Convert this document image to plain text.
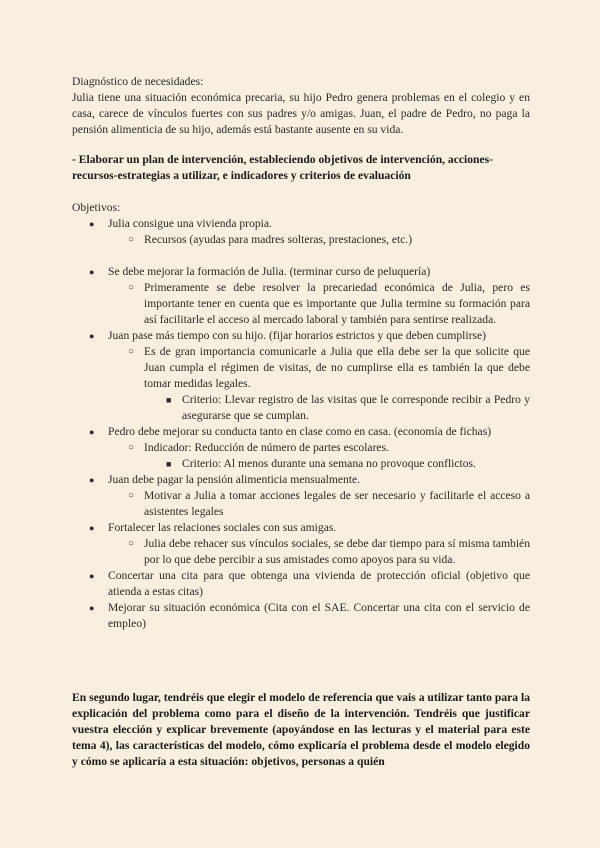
Diagnóstico de necesidades:

Julia tiene una situación económica precaria, su hijo Pedro genera problemas en el colegio y en casa, carece de vínculos fuertes con sus padres y/o amigas. Juan, el padre de Pedro, no paga la pensión alimenticia de su hijo, además está bastante ausente en su vida.

- Elaborar un plan de intervención, estableciendo objetivos de intervención, acciones-recursos-estrategias a utilizar, e indicadores y criterios de evaluación

Objetivos:

● Julia consigue una vivienda propia.
○ Recursos (ayudas para madres solteras, prestaciones, etc.)
● Se debe mejorar la formación de Julia. (terminar curso de peluquería)
○ Primeramente se debe resolver la precariedad económica de Julia, pero es importante tener en cuenta que es importante que Julia termine su formación para así facilitarle el acceso al mercado laboral y también para sentirse realizada.
● Juan pase más tiempo con su hijo. (fijar horarios estrictos y que deben cumplirse)
○ Es de gran importancia comunicarle a Julia que ella debe ser la que solicite que Juan cumpla el régimen de visitas, de no cumplirse ella es también la que debe tomar medidas legales.
■ Criterio: Llevar registro de las visitas que le corresponde recibir a Pedro y asegurarse que se cumplan.
● Pedro debe mejorar su conducta tanto en clase como en casa. (economía de fichas)
○ Indicador: Reducción de número de partes escolares.
■ Criterio: Al menos durante una semana no provoque conflictos.
● Juan debe pagar la pensión alimenticia mensualmente.
○ Motivar a Julia a tomar acciones legales de ser necesario y facilitarle el acceso a asistentes legales
● Fortalecer las relaciones sociales con sus amigas.
○ Julia debe rehacer sus vínculos sociales, se debe dar tiempo para sí misma también por lo que debe percibir a sus amistades como apoyos para su vida.
● Concertar una cita para que obtenga una vivienda de protección oficial (objetivo que atienda a estas citas)
● Mejorar su situación económica (Cita con el SAE. Concertar una cita con el servicio de empleo)

En segundo lugar, tendréis que elegir el modelo de referencia que vais a utilizar tanto para la explicación del problema como para el diseño de la intervención. Tendréis que justificar vuestra elección y explicar brevemente (apoyándose en las lecturas y el material para este tema 4), las características del modelo, cómo explicaría el problema desde el modelo elegido y cómo se aplicaría a esta situación: objetivos, personas a quién
